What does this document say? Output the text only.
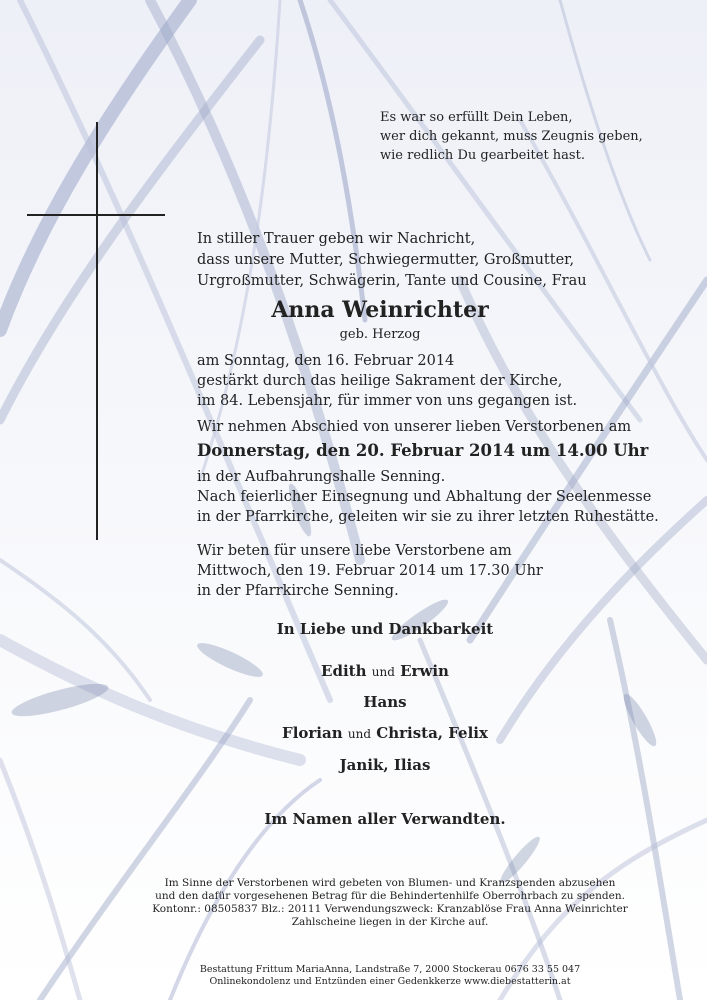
Es war so erfüllt Dein Leben,
wer dich gekannt, muss Zeugnis geben,
wie redlich Du gearbeitet hast.
In stiller Trauer geben wir Nachricht,
dass unsere Mutter, Schwiegermutter, Großmutter,
Urgroßmutter, Schwägerin, Tante und Cousine, Frau
Anna Weinrichter
geb. Herzog
am Sonntag, den 16. Februar 2014
gestärkt durch das heilige Sakrament der Kirche,
im 84. Lebensjahr, für immer von uns gegangen ist.
Wir nehmen Abschied von unserer lieben Verstorbenen am
Donnerstag, den 20. Februar 2014 um 14.00 Uhr
in der Aufbahrungshalle Senning.
Nach feierlicher Einsegnung und Abhaltung der Seelenmesse
in der Pfarrkirche, geleiten wir sie zu ihrer letzten Ruhestätte.
Wir beten für unsere liebe Verstorbene am
Mittwoch, den 19. Februar 2014 um 17.30 Uhr
in der Pfarrkirche Senning.
In Liebe und Dankbarkeit
Edith und Erwin
Hans
Florian und Christa, Felix
Janik, Ilias
Im Namen aller Verwandten.
Im Sinne der Verstorbenen wird gebeten von Blumen- und Kranzspenden abzusehen
und den dafür vorgesehenen Betrag für die Behindertenhilfe Oberrohrbach zu spenden.
Kontonr.: 08505837 Blz.: 20111 Verwendungszweck: Kranzablöse Frau Anna Weinrichter
Zahlscheine liegen in der Kirche auf.
Bestattung Frittum MariaAnna, Landstraße 7, 2000 Stockerau 0676 33 55 047
Onlinekondolenz und Entzünden einer Gedenkkerze www.diebestatterin.at
